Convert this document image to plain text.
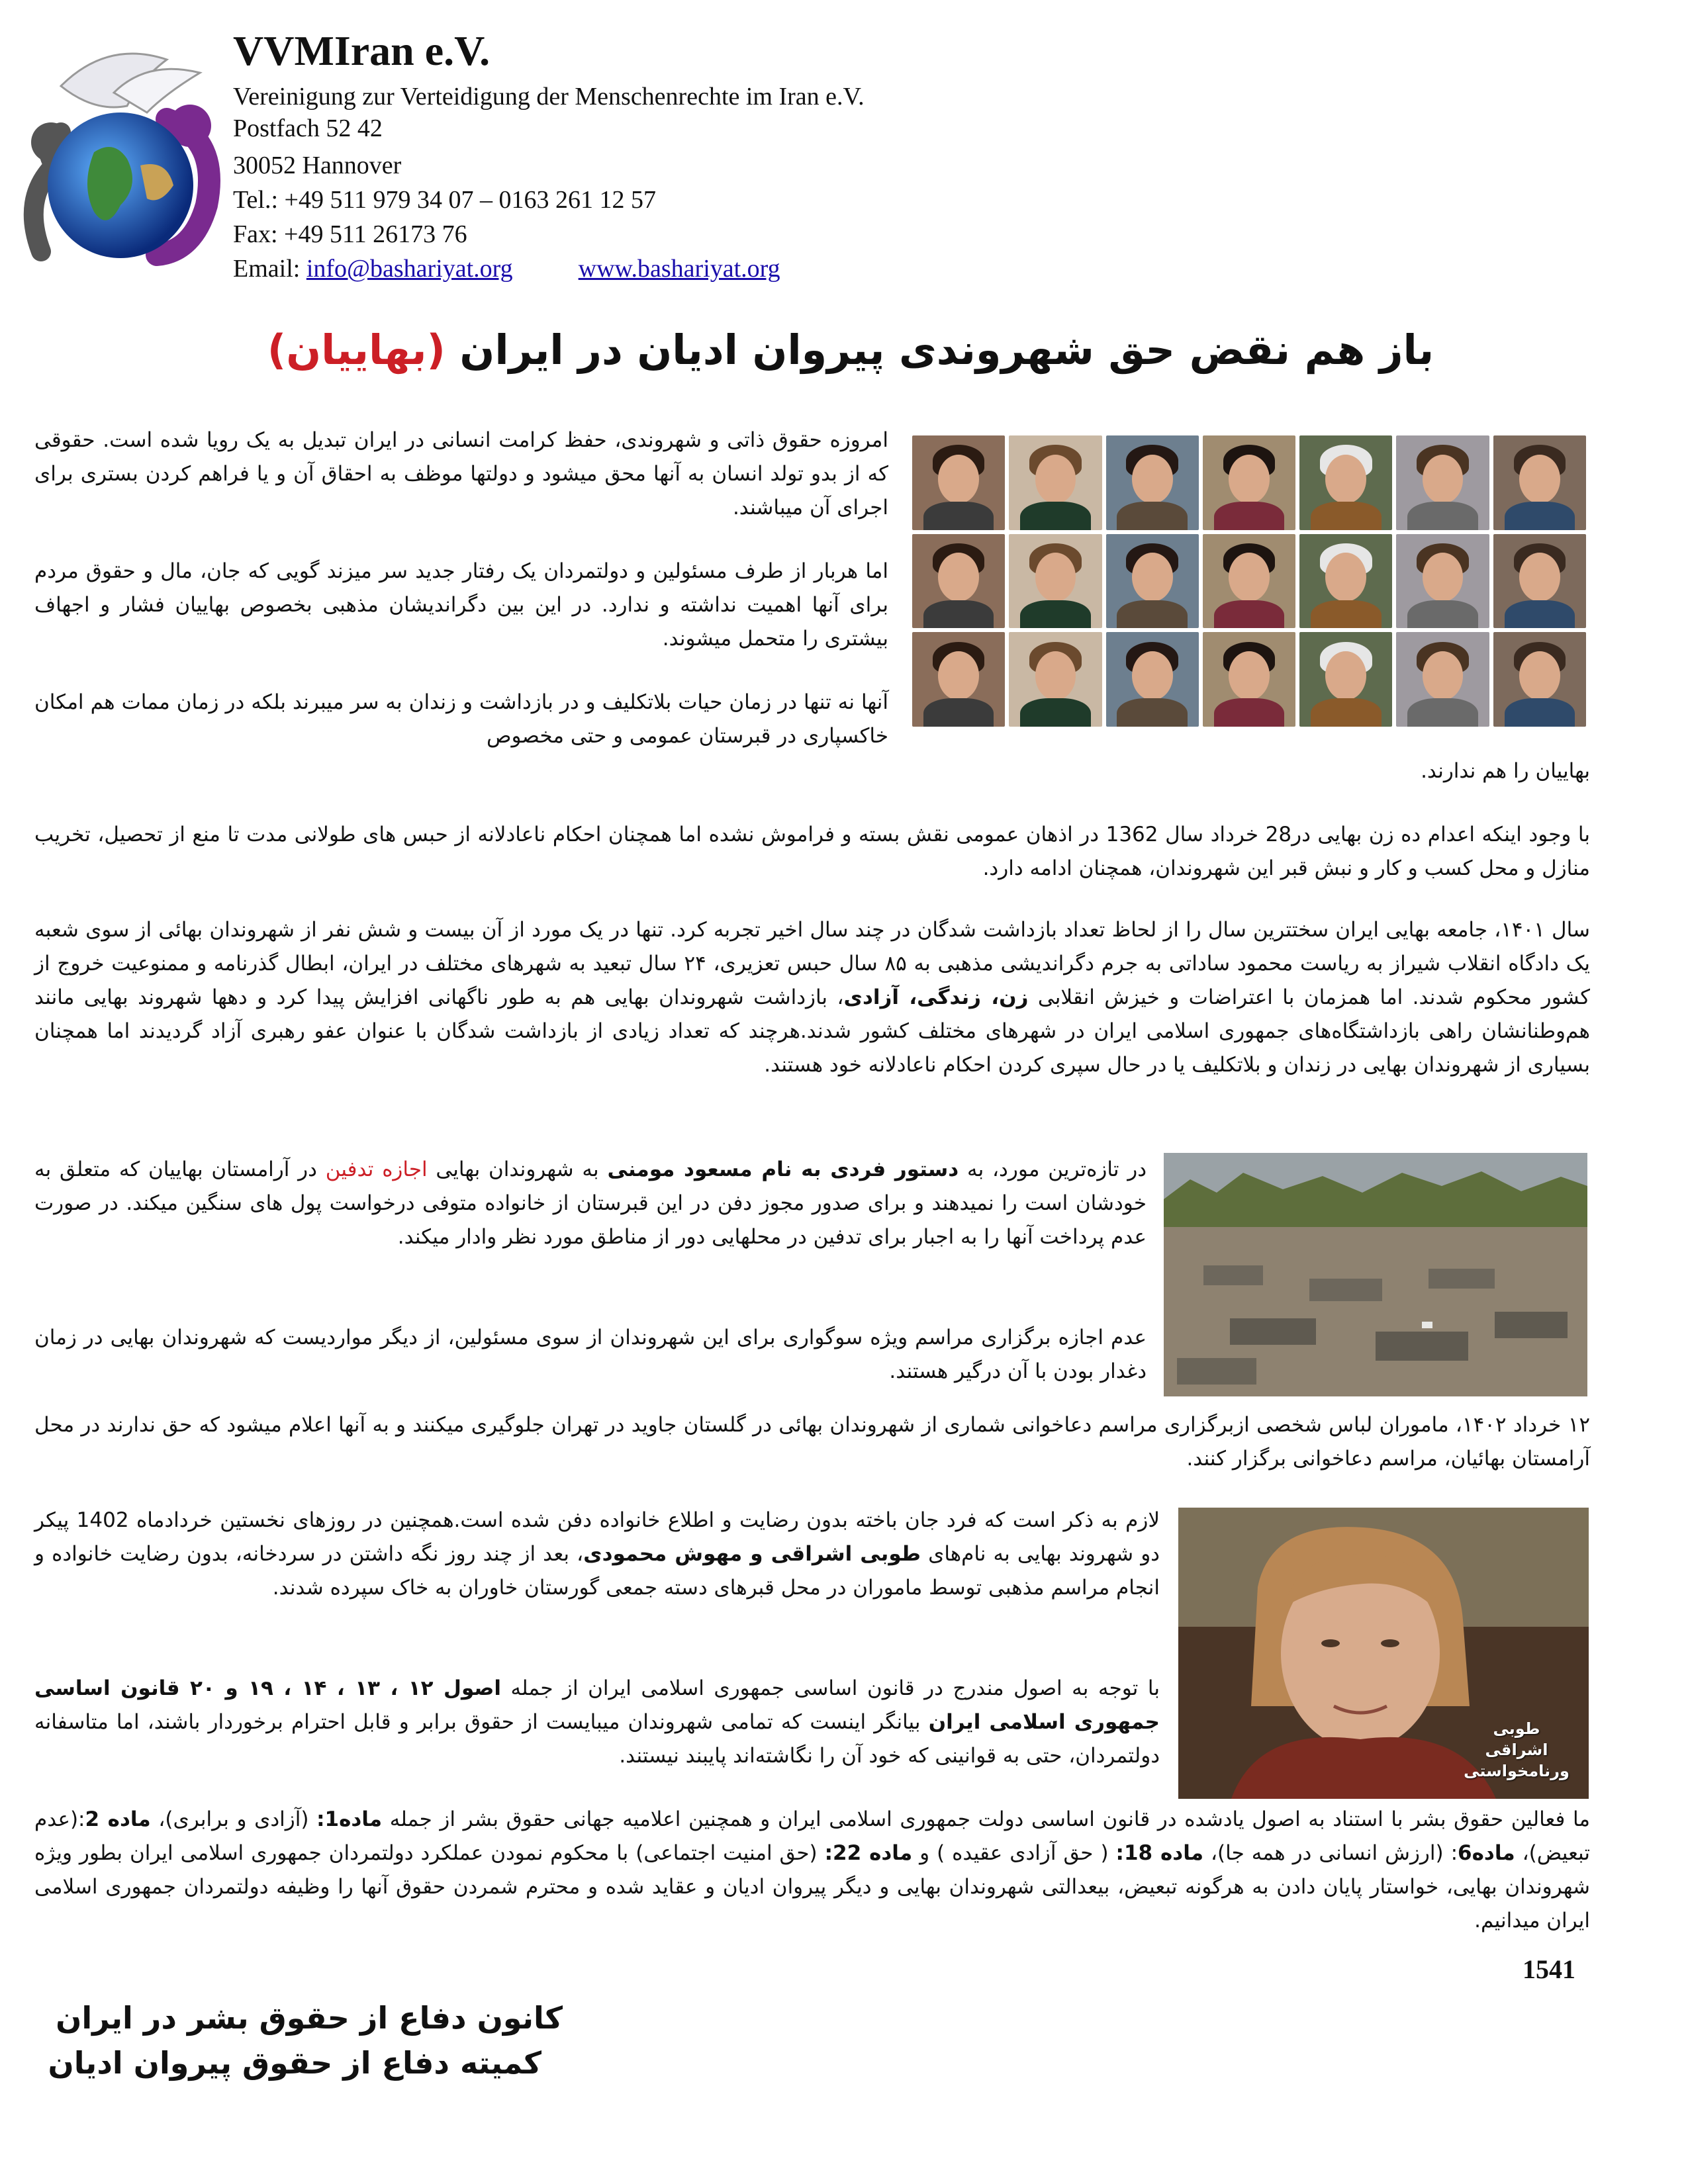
VVMIran e.V.
Vereinigung zur Verteidigung der Menschenrechte im Iran e.V.
Postfach 52 42
30052 Hannover
Tel.: +49 511 979 34 07 – 0163 261 12 57
Fax: +49 511 26173 76
Email: info@bashariyat.org	www.bashariyat.org
باز هم نقض حق شهروندی پیروان ادیان در ایران (بهاییان)
امروزه حقوق ذاتی و شهروندی، حفظ کرامت انسانی در ایران تبدیل به یک رویا شده است. حقوقی که از بدو تولد انسان به آنها محق میشود و دولتها موظف به احقاق آن و یا فراهم کردن بستری برای اجرای آن میباشند.
اما هربار از طرف مسئولین و دولتمردان یک رفتار جدید سر میزند گویی که جان، مال و حقوق مردم برای آنها اهمیت نداشته و ندارد. در این بین دگراندیشان مذهبی بخصوص بهاییان فشار و اجهاف بیشتری را متحمل میشوند.
آنها نه تنها در زمان حیات بلاتکلیف و در بازداشت و زندان به سر میبرند بلکه در زمان ممات هم امکان خاکسپاری در قبرستان عمومی و حتی مخصوص
بهاییان را هم ندارند.
با وجود اینکه اعدام ده زن بهایی در28 خرداد سال 1362 در اذهان عمومی نقش بسته و فراموش نشده اما همچنان احکام ناعادلانه از حبس های طولانی مدت تا منع از تحصیل، تخریب منازل و محل کسب و کار و نبش قبر این شهروندان، همچنان ادامه دارد.
سال ۱۴۰۱، جامعه بهایی ایران سختترین سال را از لحاظ تعداد بازداشت شدگان در چند سال اخیر تجربه کرد. تنها در یک مورد از آن بیست و شش نفر از شهروندان بهائی از سوی شعبه یک دادگاه انقلاب شیراز به ریاست محمود ساداتی به جرم دگراندیشی مذهبی به ۸۵ سال حبس تعزیری، ۲۴ سال تبعید به شهرهای مختلف در ایران، ابطال گذرنامه و ممنوعیت خروج از کشور محکوم شدند. اما همزمان با اعتراضات و خیزش انقلابی زن، زندگی، آزادی، بازداشت شهروندان بهایی هم به طور ناگهانی افزایش پیدا کرد و دهها شهروند بهایی مانند هم‌وطنانشان راهی بازداشتگاه‌های جمهوری اسلامی ایران در شهرهای مختلف کشور شدند.هرچند که تعداد زیادی از بازداشت شدگان با عنوان عفو رهبری آزاد گردیدند اما همچنان بسیاری از شهروندان بهایی در زندان و بلاتکلیف یا در حال سپری کردن احکام ناعادلانه خود هستند.
در تازه‌ترین مورد، به دستور فردی به نام مسعود مومنی به شهروندان بهایی اجازه تدفین در آرامستان بهاییان که متعلق به خودشان است را نمیدهند و برای صدور مجوز دفن در این قبرستان از خانواده متوفی درخواست پول های سنگین میکند. در صورت عدم پرداخت آنها را به اجبار برای تدفین در محلهایی دور از مناطق مورد نظر وادار میکند.
عدم اجازه برگزاری مراسم ویژه سوگواری برای این شهروندان از سوی مسئولین، از دیگر مواردیست که شهروندان بهایی در زمان دغدار بودن با آن درگیر هستند.
۱۲ خرداد ۱۴۰۲، ماموران لباس شخصی ازبرگزاری مراسم دعاخوانی شماری از شهروندان بهائی در گلستان جاوید در تهران جلوگیری میکنند و به آنها اعلام میشود که حق ندارند در محل آرامستان بهائیان، مراسم دعاخوانی برگزار کنند.
لازم به ذکر است که فرد جان باخته بدون رضایت و اطلاع خانواده دفن شده است.همچنین در روزهای نخستین خردادماه 1402 پیکر دو شهروند بهایی به نام‌های طوبی اشراقی و مهوش محمودی، بعد از چند روز نگه داشتن در سردخانه، بدون رضایت خانواده و انجام مراسم مذهبی توسط ماموران در محل قبرهای دسته جمعی گورستان خاوران به خاک سپرده شدند.
با توجه به اصول مندرج در قانون اساسی جمهوری اسلامی ایران از جمله اصول ۱۲ ، ۱۳ ، ۱۴ ، ۱۹ و ۲۰ قانون اساسی جمهوری اسلامی ایران بیانگر اینست که تمامی شهروندان میبایست از حقوق برابر و قابل احترام برخوردار باشند، اما متاسفانه دولتمردان، حتی به قوانینی که خود آن را نگاشته‌اند پایبند نیستند.
طوبی اشراقی ورنامخواستی
ما فعالین حقوق بشر با استناد به اصول یادشده در قانون اساسی دولت جمهوری اسلامی ایران و همچنین اعلامیه جهانی حقوق بشر از جمله ماده1: (آزادی و برابری)، ماده 2:(عدم تبعیض)، ماده6: (ارزش انسانی در همه جا)، ماده 18: ( حق آزادی عقیده ) و ماده 22: (حق امنیت اجتماعی) با محکوم نمودن عملکرد دولتمردان جمهوری اسلامی ایران بطور ویژه شهروندان بهایی، خواستار پایان دادن به هرگونه تبعیض، بیعدالتی شهروندان بهایی و دیگر پیروان ادیان و عقاید شده و محترم شمردن حقوق آنها را وظیفه دولتمردان جمهوری اسلامی ایران میدانیم.
1541
کانون دفاع از حقوق بشر در ایران
کمیته دفاع از حقوق پیروان ادیان
